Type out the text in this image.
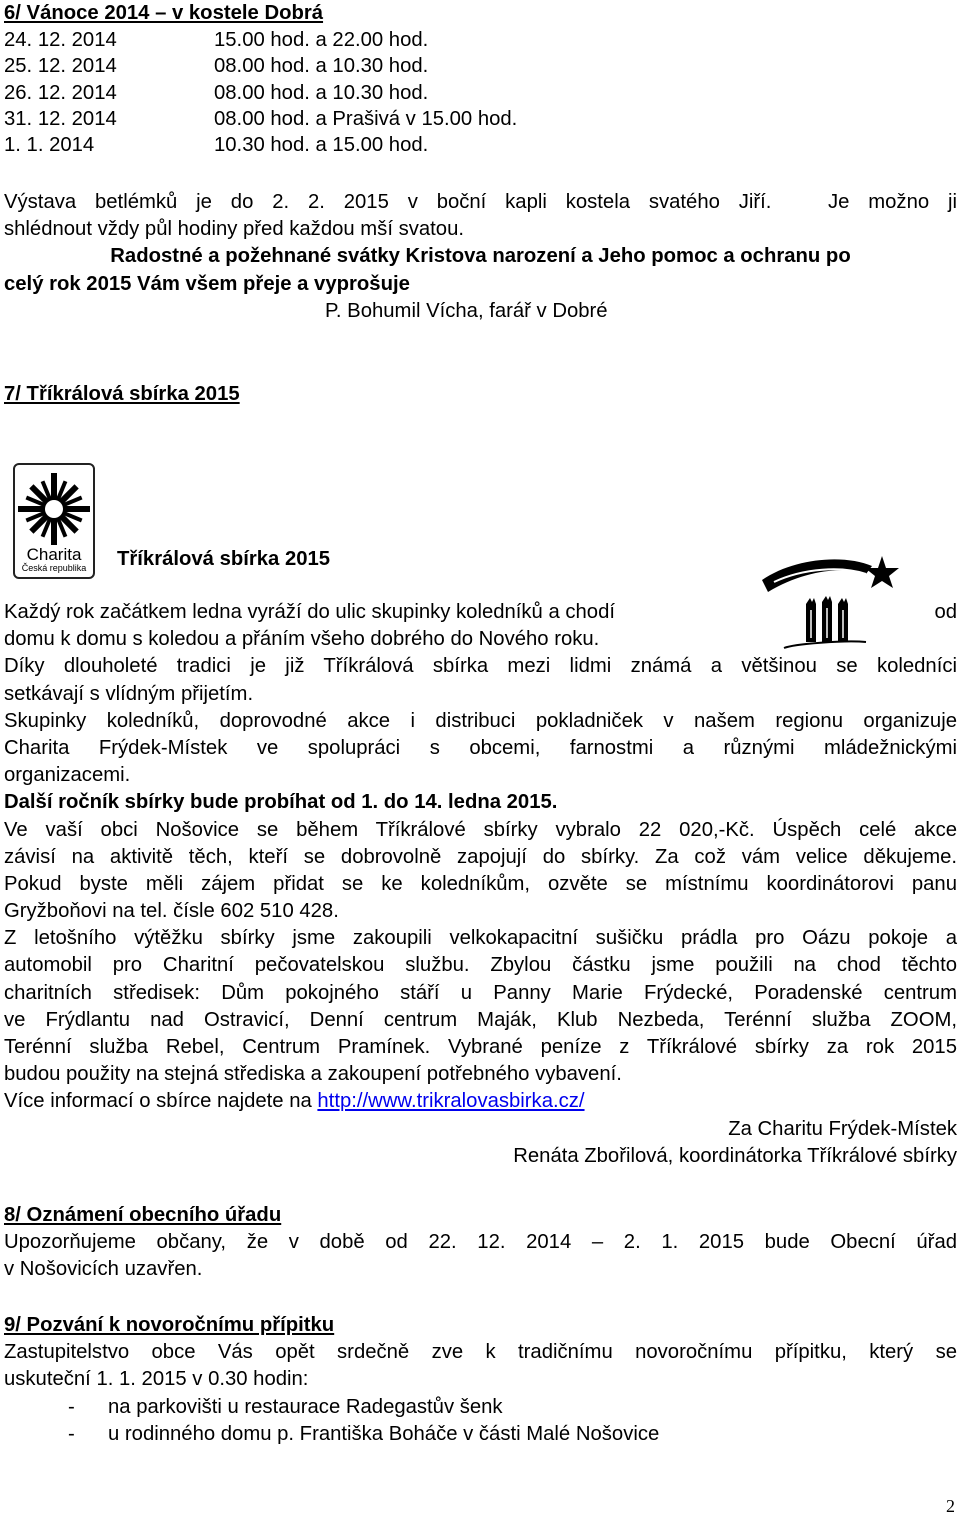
6/ Vánoce 2014 – v kostele Dobrá
24. 12. 2014	15.00 hod. a 22.00 hod.
25. 12. 2014	08.00 hod. a 10.30 hod.
26. 12. 2014	08.00 hod. a 10.30 hod.
31. 12. 2014	08.00 hod. a Prašivá v 15.00 hod.
1. 1. 2014	10.30 hod. a 15.00 hod.
Výstava betlémků je do 2. 2. 2015 v boční kapli kostela svatého Jiří.   Je možno ji
shlédnout vždy půl hodiny před každou mší svatou.
Radostné a požehnané svátky Kristova narození a Jeho pomoc a ochranu po
celý rok 2015 Vám všem přeje a vyprošuje
P. Bohumil Vícha, farář v Dobré
7/ Tříkrálová sbírka 2015
Tříkrálová sbírka 2015
Každý rok začátkem ledna vyráží do ulic skupinky koledníků a chodí	od
domu k domu s koledou a přáním všeho dobrého do Nového roku.
Díky dlouholeté tradici je již Tříkrálová sbírka mezi lidmi známá a většinou se koledníci
setkávají s vlídným přijetím.
Skupinky koledníků, doprovodné akce i distribuci pokladniček v našem regionu organizuje
Charita Frýdek-Místek ve spolupráci s obcemi, farnostmi a různými mládežnickými
organizacemi.
Další ročník sbírky bude probíhat od 1. do 14. ledna 2015.
Ve vaší obci Nošovice se během Tříkrálové sbírky vybralo 22 020,-Kč. Úspěch celé akce
závisí na aktivitě těch, kteří se dobrovolně zapojují do sbírky. Za což vám velice děkujeme.
Pokud byste měli zájem přidat se ke koledníkům, ozvěte se místnímu koordinátorovi panu
Gryžboňovi na tel. čísle 602 510 428.
Z letošního výtěžku sbírky jsme zakoupili velkokapacitní sušičku prádla pro Oázu pokoje a
automobil pro Charitní pečovatelskou službu. Zbylou částku jsme použili na chod těchto
charitních středisek: Dům pokojného stáří u Panny Marie Frýdecké, Poradenské centrum
ve Frýdlantu nad Ostravicí, Denní centrum Maják, Klub Nezbeda, Terénní služba ZOOM,
Terénní služba Rebel, Centrum Pramínek. Vybrané peníze z Tříkrálové sbírky za rok 2015
budou použity na stejná střediska a zakoupení potřebného vybavení.
Více informací o sbírce najdete na http://www.trikralovasbirka.cz/
Za Charitu Frýdek-Místek
Renáta Zbořilová, koordinátorka Tříkrálové sbírky
8/ Oznámení obecního úřadu
Upozorňujeme občany, že v době od 22. 12. 2014 – 2. 1. 2015 bude Obecní úřad
v Nošovicích uzavřen.
9/ Pozvání k novoročnímu přípitku
Zastupitelstvo obce Vás opět srdečně zve k tradičnímu novoročnímu přípitku, který se
uskuteční 1. 1. 2015 v 0.30 hodin:
-	na parkovišti u restaurace Radegastův šenk
-	u rodinného domu p. Františka Boháče v části Malé Nošovice
Charita
Česká republika
2
